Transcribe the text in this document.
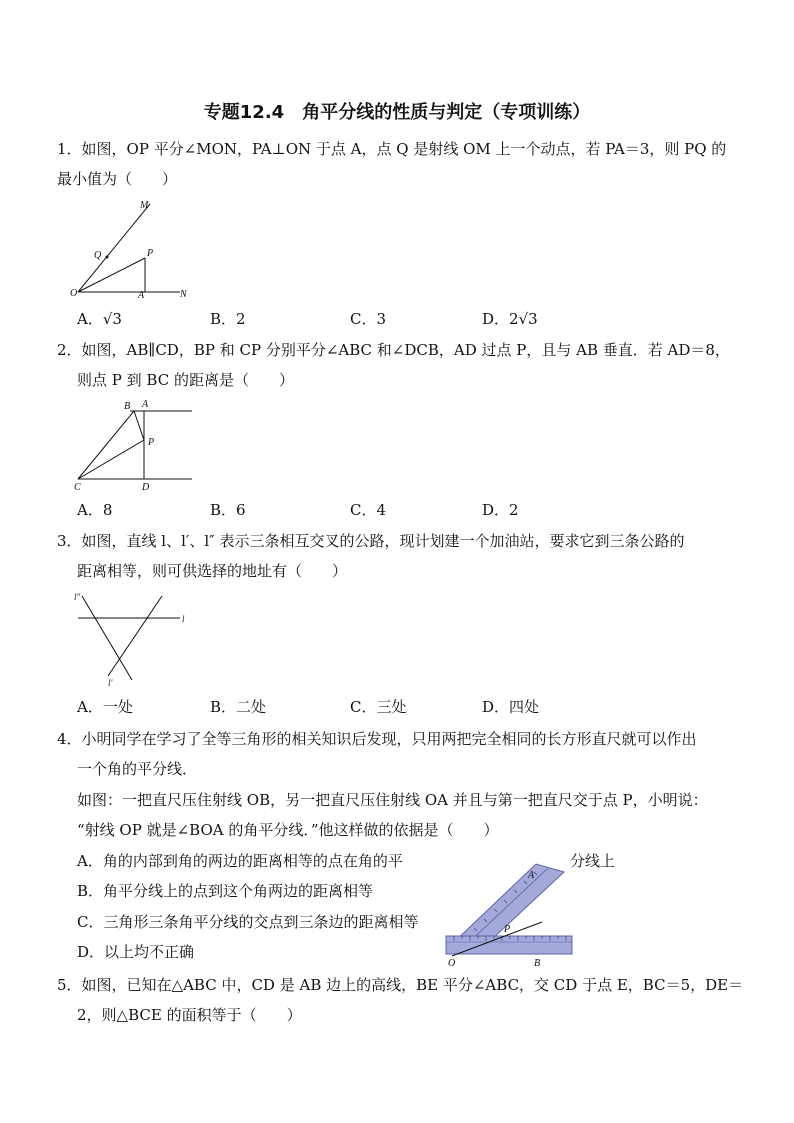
专题12.4　角平分线的性质与判定（专项训练）
1．如图，OP 平分∠MON，PA⊥ON 于点 A，点 Q 是射线 OM 上一个动点，若 PA＝3，则 PQ 的
最小值为（　　）
M
Q	P
O	A	N
A．√3	B．2	C．3	D．2√3
2．如图，AB∥CD，BP 和 CP 分别平分∠ABC 和∠DCB，AD 过点 P，且与 AB 垂直．若 AD＝8，
则点 P 到 BC 的距离是（　　）
B A
P
C	D
A．8	B．6	C．4	D．2
3．如图，直线 l、l′、l″ 表示三条相互交叉的公路，现计划建一个加油站，要求它到三条公路的
距离相等，则可供选择的地址有（　　）
l″
l
l′
A．一处	B．二处	C．三处	D．四处
4．小明同学在学习了全等三角形的相关知识后发现，只用两把完全相同的长方形直尺就可以作出
一个角的平分线．
如图：一把直尺压住射线 OB，另一把直尺压住射线 OA 并且与第一把直尺交于点 P，小明说：
“射线 OP 就是∠BOA 的角平分线．”他这样做的依据是（　　）
A．角的内部到角的两边的距离相等的点在角的平	分线上
B．角平分线上的点到这个角两边的距离相等
C．三角形三条角平分线的交点到三条边的距离相等
D．以上均不正确
A
P
O	B
5．如图，已知在△ABC 中，CD 是 AB 边上的高线，BE 平分∠ABC，交 CD 于点 E，BC＝5，DE＝
2，则△BCE 的面积等于（　　）
